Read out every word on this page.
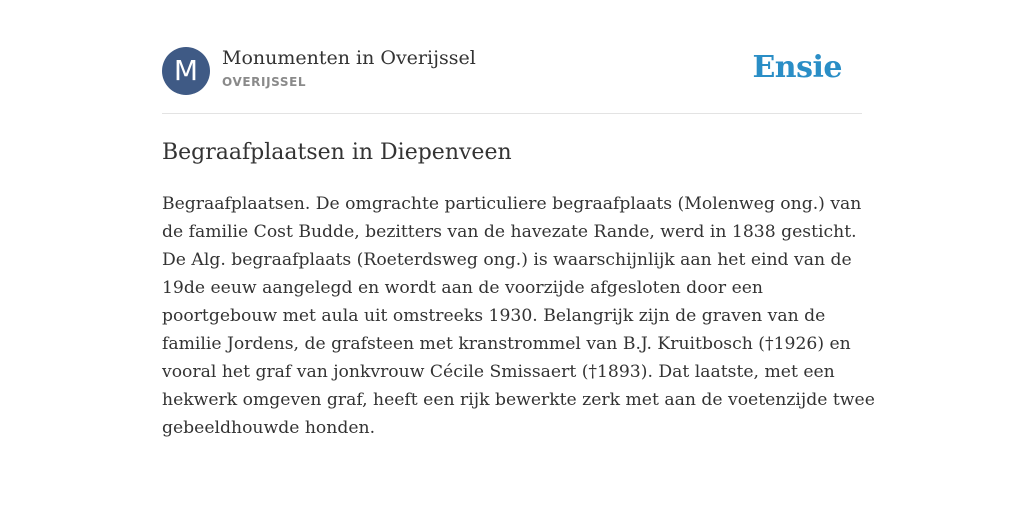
M	Monumenten in Overijssel
OVERIJSSEL	Ensie
Begraafplaatsen in Diepenveen
Begraafplaatsen. De omgrachte particuliere begraafplaats (Molenweg ong.) van
de familie Cost Budde, bezitters van de havezate Rande, werd in 1838 gesticht.
De Alg. begraafplaats (Roeterdsweg ong.) is waarschijnlijk aan het eind van de
19de eeuw aangelegd en wordt aan de voorzijde afgesloten door een
poortgebouw met aula uit omstreeks 1930. Belangrijk zijn de graven van de
familie Jordens, de grafsteen met kranstrommel van B.J. Kruitbosch (†1926) en
vooral het graf van jonkvrouw Cécile Smissaert (†1893). Dat laatste, met een
hekwerk omgeven graf, heeft een rijk bewerkte zerk met aan de voetenzijde twee
gebeeldhouwde honden.
